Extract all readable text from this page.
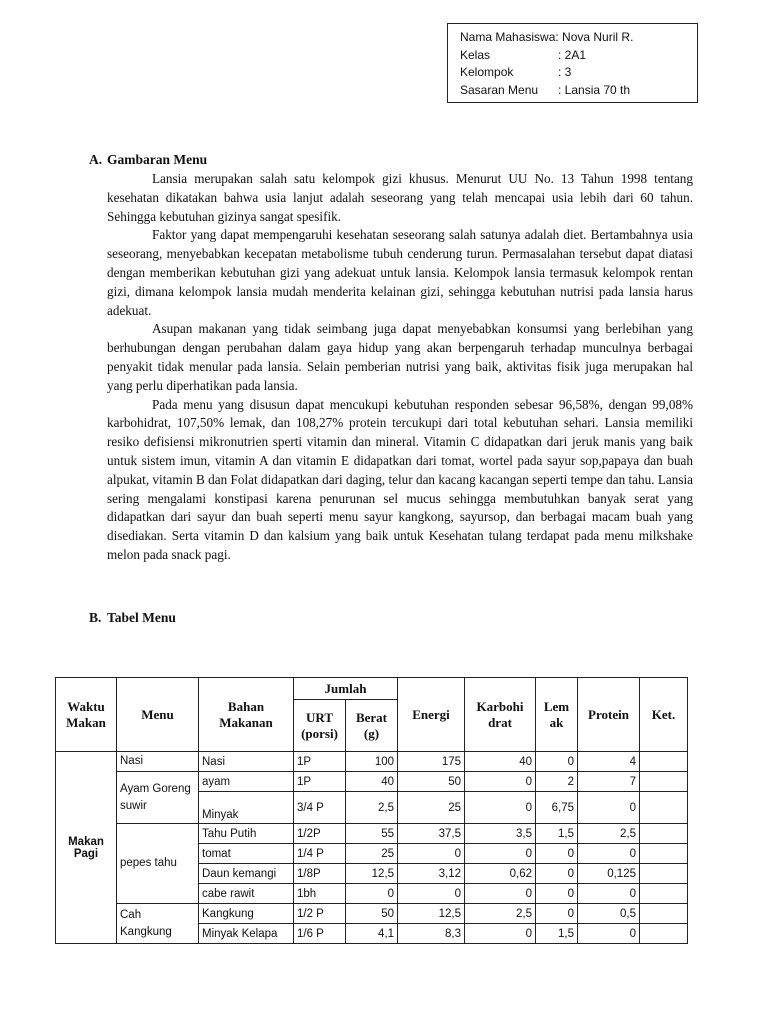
Nama Mahasiswa:
Nova Nuril R.
Kelas	: 2A1
Kelompok	: 3
Sasaran Menu	: Lansia 70 th
A. Gambaran Menu

Lansia merupakan salah satu kelompok gizi khusus. Menurut UU No. 13 Tahun 1998 tentang kesehatan dikatakan bahwa usia lanjut adalah seseorang yang telah mencapai usia lebih dari 60 tahun. Sehingga kebutuhan gizinya sangat spesifik.

Faktor yang dapat mempengaruhi kesehatan seseorang salah satunya adalah diet. Bertambahnya usia seseorang, menyebabkan kecepatan metabolisme tubuh cenderung turun. Permasalahan tersebut dapat diatasi dengan memberikan kebutuhan gizi yang adekuat untuk lansia. Kelompok lansia termasuk kelompok rentan gizi, dimana kelompok lansia mudah menderita kelainan gizi, sehingga kebutuhan nutrisi pada lansia harus adekuat.

Asupan makanan yang tidak seimbang juga dapat menyebabkan konsumsi yang berlebihan yang berhubungan dengan perubahan dalam gaya hidup yang akan berpengaruh terhadap munculnya berbagai penyakit tidak menular pada lansia. Selain pemberian nutrisi yang baik, aktivitas fisik juga merupakan hal yang perlu diperhatikan pada lansia.

Pada menu yang disusun dapat mencukupi kebutuhan responden sebesar 96,58%, dengan 99,08% karbohidrat, 107,50% lemak, dan 108,27% protein tercukupi dari total kebutuhan sehari. Lansia memiliki resiko defisiensi mikronutrien sperti vitamin dan mineral. Vitamin C didapatkan dari jeruk manis yang baik untuk sistem imun, vitamin A dan vitamin E didapatkan dari tomat, wortel pada sayur sop,papaya dan buah alpukat, vitamin B dan Folat didapatkan dari daging, telur dan kacang kacangan seperti tempe dan tahu. Lansia sering mengalami konstipasi karena penurunan sel mucus sehingga membutuhkan banyak serat yang didapatkan dari sayur dan buah seperti menu sayur kangkong, sayursop, dan berbagai macam buah yang disediakan. Serta vitamin D dan kalsium yang baik untuk Kesehatan tulang terdapat pada menu milkshake melon pada snack pagi.

B. Tabel Menu
Waktu Makan	Menu	Bahan Makanan	Jumlah		Energi	Karbohi drat	Lem ak	Protein	Ket.
			URT (porsi)	Berat (g)					
Makan Pagi	Nasi	Nasi	1P	100	175	40	0	4	
	Ayam Goreng suwir	ayam	1P	40	50	0	2	7	
		Minyak	3/4 P	2,5	25	0	6,75	0	
	pepes tahu	Tahu Putih	1/2P	55	37,5	3,5	1,5	2,5	
		tomat	1/4 P	25	0	0	0	0	
		Daun kemangi	1/8P	12,5	3,12	0,62	0	0,125	
		cabe rawit	1bh	0	0	0	0	0	
	Cah Kangkung	Kangkung	1/2 P	50	12,5	2,5	0	0,5	
		Minyak Kelapa	1/6 P	4,1	8,3	0	1,5	0	
